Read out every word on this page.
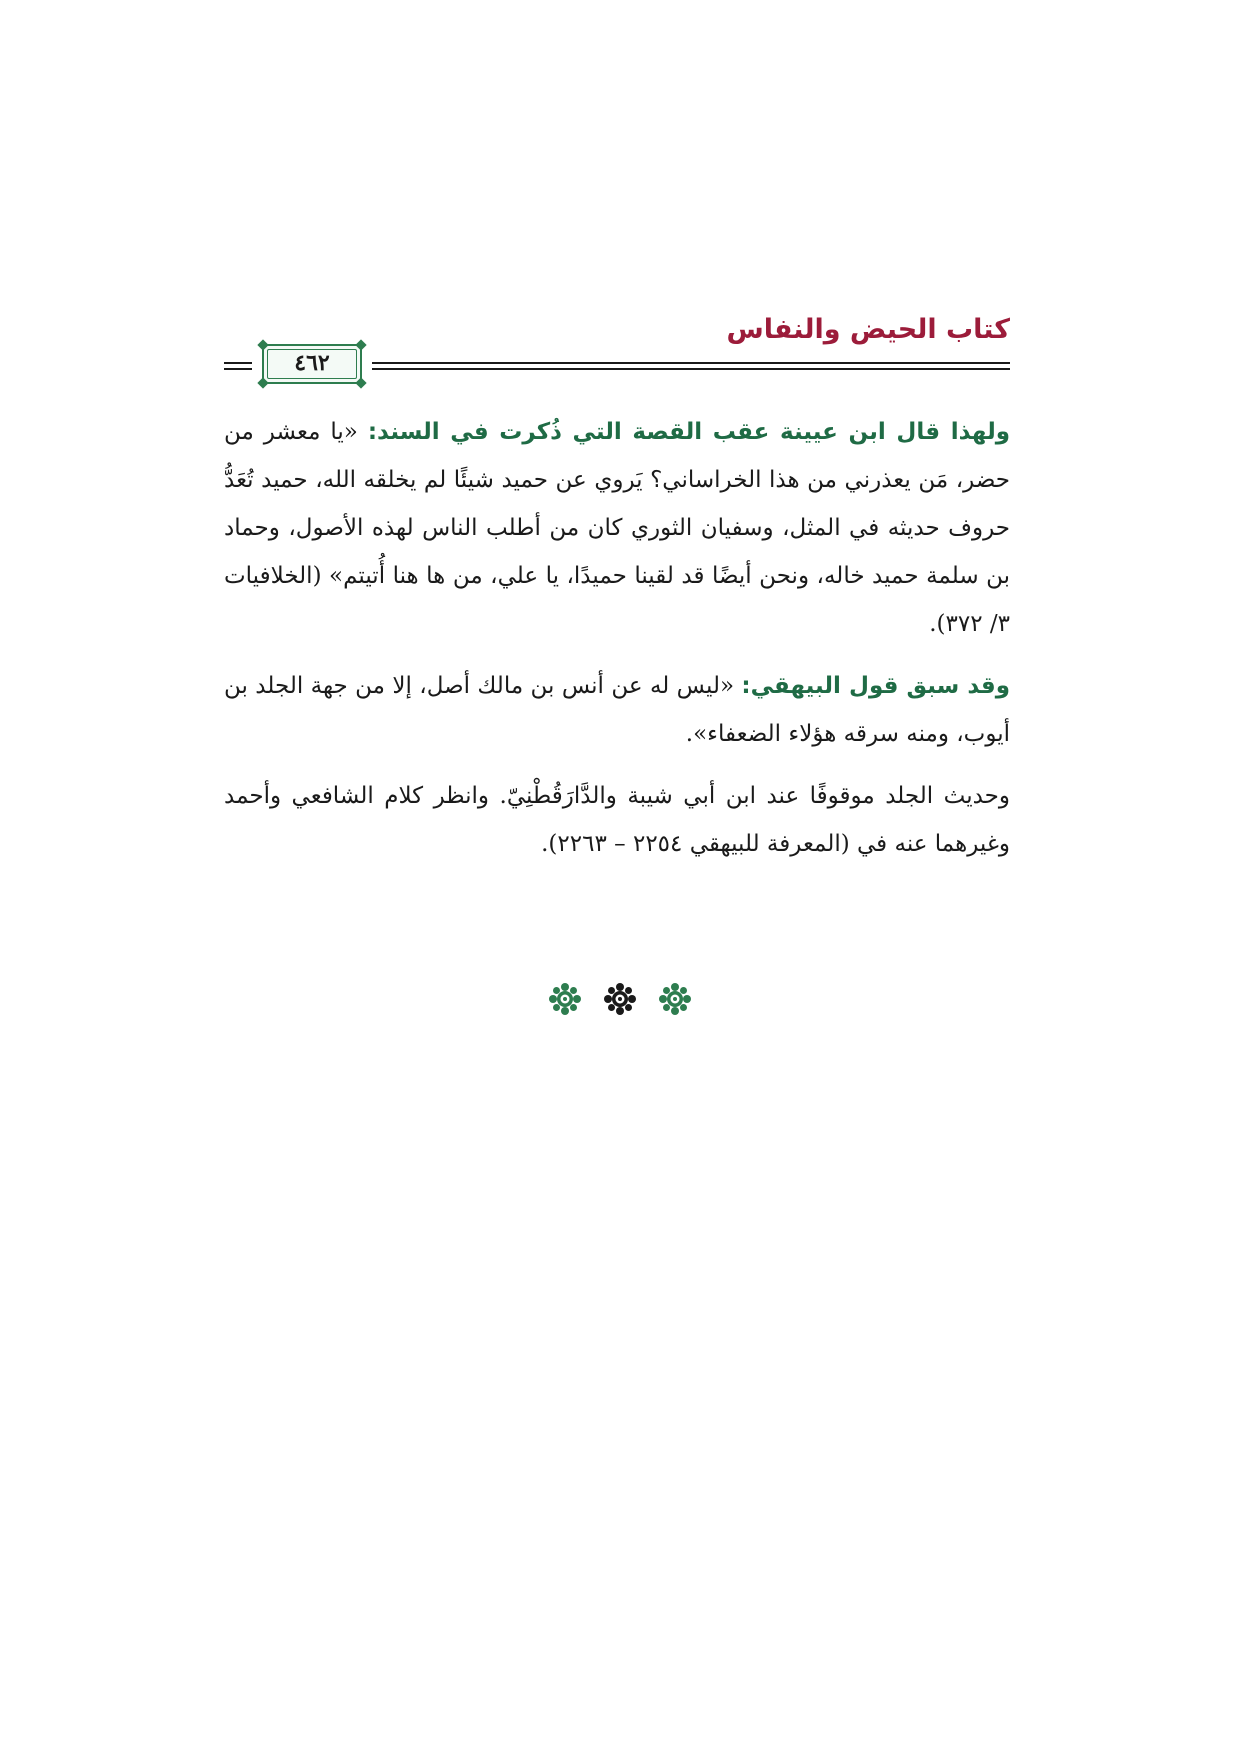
كتاب الحيض والنفاس
٤٦٢

ولهذا قال ابن عيينة عقب القصة التي ذُكرت في السند: «يا معشر من حضر، مَن يعذرني من هذا الخراساني؟ يَروي عن حميد شيئًا لم يخلقه الله، حميد تُعَدُّ حروف حديثه في المثل، وسفيان الثوري كان من أطلب الناس لهذه الأصول، وحماد بن سلمة حميد خاله، ونحن أيضًا قد لقينا حميدًا، يا علي، من ها هنا أُتيتم» (الخلافيات ٣/ ٣٧٢).

وقد سبق قول البيهقي: «ليس له عن أنس بن مالك أصل، إلا من جهة الجلد بن أيوب، ومنه سرقه هؤلاء الضعفاء».

وحديث الجلد موقوفًا عند ابن أبي شيبة والدَّارَقُطْنِيّ. وانظر كلام الشافعي وأحمد وغيرهما عنه في (المعرفة للبيهقي ٢٢٥٤ – ٢٢٦٣).
